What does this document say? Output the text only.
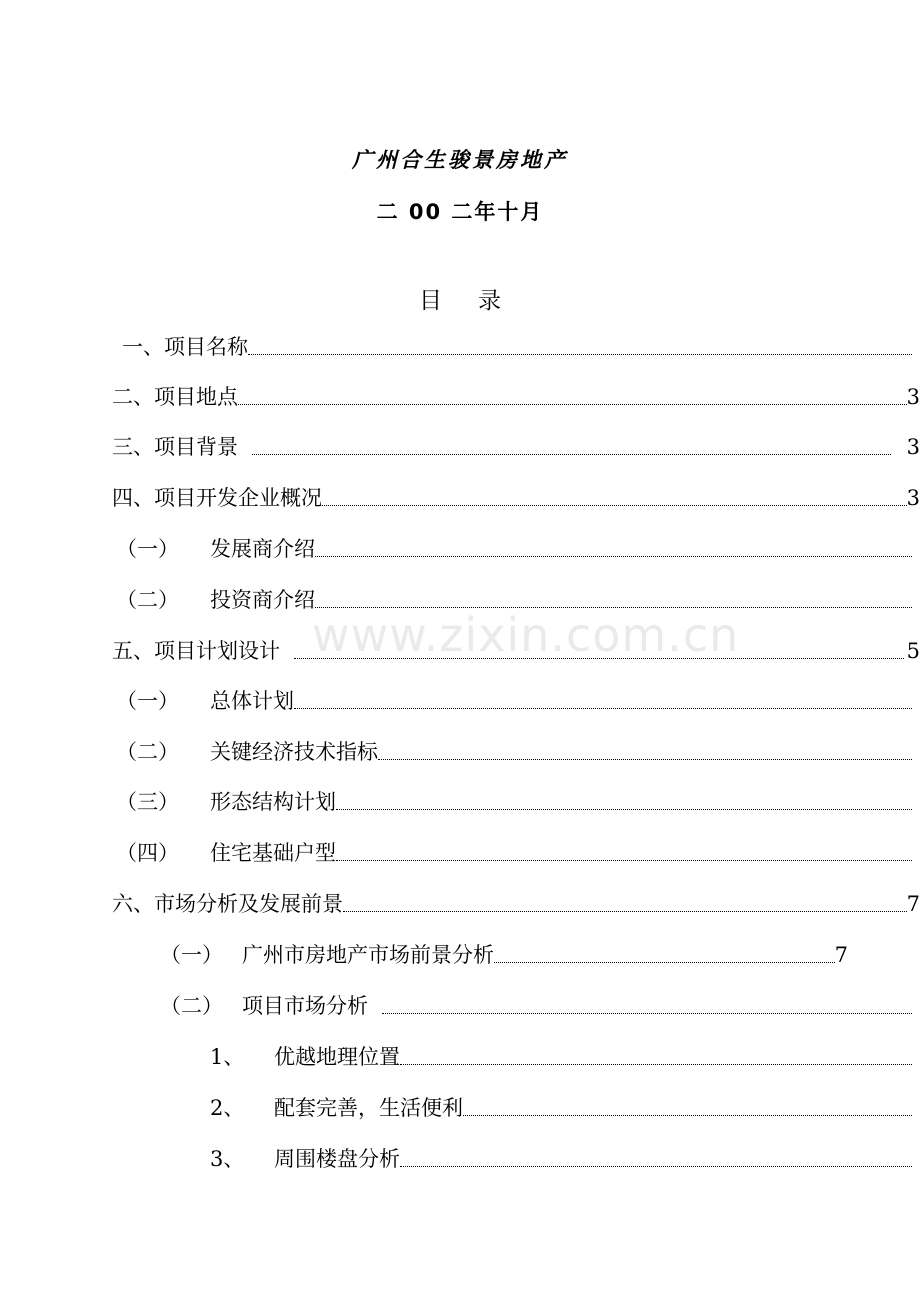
广州合生骏景房地产
二 00 二年十月
目 录
www.zixin.com.cn
一、 项目名称
二、 项目地点	3
三、 项目背景	3
四、 项目开发企业概况	3
（一）	发展商介绍
（二）	投资商介绍
五、 项目计划设计	5
（一）	总体计划
（二）	关键经济技术指标
（三）	形态结构计划
（四）	住宅基础户型
六、 市场分析及发展前景	7
（一） 广州市房地产市场前景分析	7
（二） 项目市场分析
1、	优越地理位置
2、	配套完善，生活便利
3、	周围楼盘分析
